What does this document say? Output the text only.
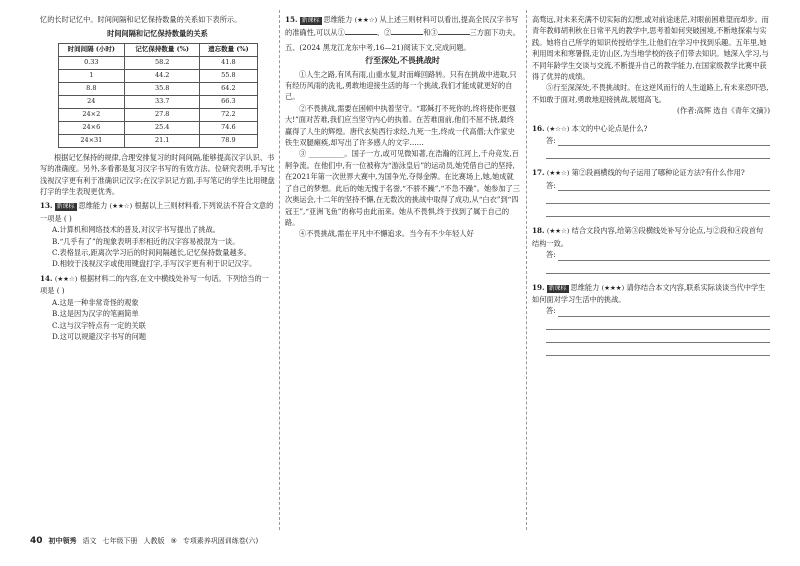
忆的长时记忆中。时间间隔和记忆保持数量的关系如下表所示。

时间间隔和记忆保持数量的关系
时间间隔 (小时)	记忆保持数量 (%)	遗忘数量 (%)
0.33	58.2	41.8
1	44.2	55.8
8.8	35.8	64.2
24	33.7	66.3
24×2	27.8	72.2
24×6	25.4	74.6
24×31	21.1	78.9

根据记忆保持的规律,合理安排复习的时间间隔,能够提高汉字认识、书写的准确度。另外,多看都是复习汉字书写的有效方法。位研究表明,手写比浅视汉字更有利于准确识记汉字;在汉字识记方面,手写笔记的学生比用键盘打字的学生表现更优秀。

13. 新课标 思维能力 (★★☆) 根据以上三则材料看,下列说法不符合文意的一项是 ( )
A.计算机和网络技术的普及,对汉字书写提出了挑战。
B.“几乎有了”的现象表明手形相近的汉字容易被混为一谈。
C.表格显示,距离次学习后的时间间隔越长,记忆保持数量越多。
D.相较于浅视汉字或使用键盘打字,手写汉字更有利于识记汉字。
14. (★★☆) 根据材料二的内容,在文中横线处补写一句话。下列恰当的一项是 ( )
A.这是一种非常奇怪的观象
B.这是因为汉字的笔画简单
C.这与汉字特点有一定的关联
D.这可以规避汉字书写的问题
15. 新课标 思维能力 (★★☆) 从上述三则材料可以看出,提高全民汉字书写的准确性,可以从①	、②	和③	三方面下功夫。

五、(2024 黑龙江龙东中考,16—21)阅读下文,完成问题。

行至深处,不畏挑战时

①人生之路,有风有雨,山重水复,时而峰回路转。只有在挑战中进取,只有经历风雨的洗礼,勇敢地迎接生活的每一个挑战,我们才能成就更好的自己。

②不畏挑战,需要在困顿中执着坚守。“耶稣打不死你的,终将使你更强大!”面对苦难,我们应当坚守内心的执着。在苦难面前,他们不屈不挠,最终赢得了人生的辉煌。唐代玄奘西行求经,九死一生,终成一代高僧;大作家史铁生双腿瘫痪,却写出了许多感人的文字……

③ __________。国子一方,或可见微知著,在浩瀚的江河上,千舟竞发,百舸争流。在他们中,有一位被称为“游泳皇后”的运动员,她凭借自己的坚持,在2021年第一次世界大赛中,为国争光,夺得金牌。在比赛场上,她,她成就了自己的梦想。此后的她无愧于名誉,“不骄不躁”,“不急不躁”。她参加了三次奥运会,十二年的坚持不懈,在无数次的挑战中取得了成功,从“白衣”到“四冠王”,“亚洲飞鱼”的称号由此而来。她从不畏惧,终于找到了属于自己的路。

④不畏挑战,需在平凡中不懈追求。当今有不少年轻人好

高骛远,对未来充满不切实际的幻想,或对前途迷茫,对眼前困难望而却步。而青年教师胡利秋在日常平凡的教学中,思考着如何突破困境,不断地探索与实践。她将自己所学的知识传授给学生,让他们在学习中找到乐趣。五年里,她利用周末和寒暑假,走访山区,为当地学校的孩子们带去知识。她深入学习,与不同年龄学生交谈与交流,不断提升自己的教学能力,在国家级教学比赛中获得了优异的成绩。

⑤行至深深处,不畏挑战时。在这逆风而行的人生道路上,有未来恐吓恐,不如敢于面对,勇敢地迎接挑战,展翅高飞。

(作者:高辉 选自《青年文摘》)
16. (★☆☆) 本文的中心论点是什么?
答:
17. (★★☆) 第②段画横线的句子运用了哪种论证方法?有什么作用?
答:
18. (★★☆) 结合文段内容,给第③段横线处补写分论点,与②段和④段首句结构一致。
答:
19. 新课标 思维能力 (★★★) 请你结合本文内容,联系实际谈谈当代中学生如何面对学习生活中的挑战。
答:
40 初中领秀 语文 七年级下册 人教版 ⑨ 专项素养巩固训练卷(六)
